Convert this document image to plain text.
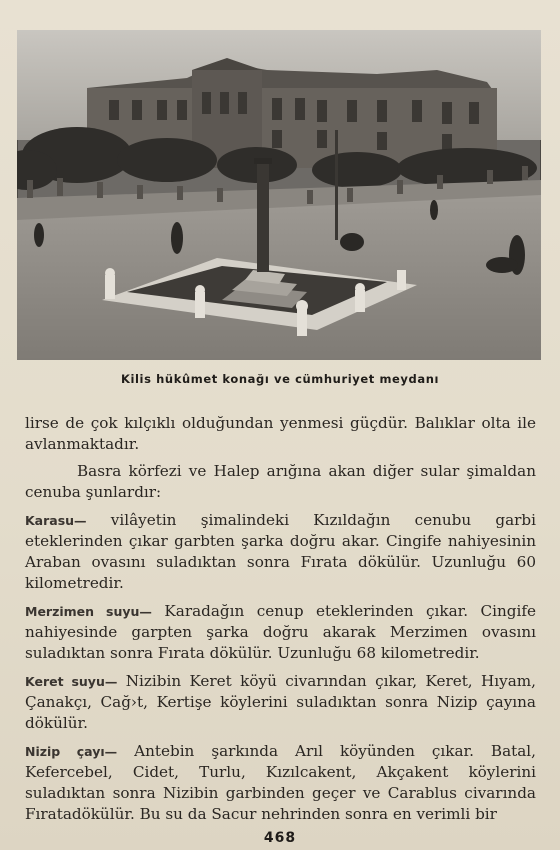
Kilis hükûmet konağı ve cümhuriyet meydanı

lirse de çok kılçıklı olduğundan yenmesi güçdür. Balıklar olta ile avlanmaktadır.

Basra körfezi ve Halep arığına akan diğer sular şimaldan cenuba şunlardır:

Karasu— vilâyetin şimalindeki Kızıldağın cenubu garbi eteklerinden çıkar garbten şarka doğru akar. Cingife nahiyesinin Araban ovasını suladıktan sonra Fırata dökülür. Uzunluğu 60 kilometredir.

Merzimen suyu— Karadağın cenup eteklerinden çıkar. Cingife nahiyesinde garpten şarka doğru akarak Merzimen ovasını suladıktan sonra Fırata dökülür. Uzunluğu 68 kilometredir.

Keret suyu— Nizibin Keret köyü civarından çıkar, Keret, Hıyam, Çanakçı, Cağ›t, Kertişe köylerini suladıktan sonra Nizip çayına dökülür.

Nizip çayı— Antebin şarkında Arıl köyünden çıkar. Batal, Kefercebel, Cidet, Turlu, Kızılcakent, Akçakent köylerini suladıktan sonra Nizibin garbinden geçer ve Carablus civarında Fıratadökülür. Bu su da Sacur nehrinden sonra en verimli bir

468
